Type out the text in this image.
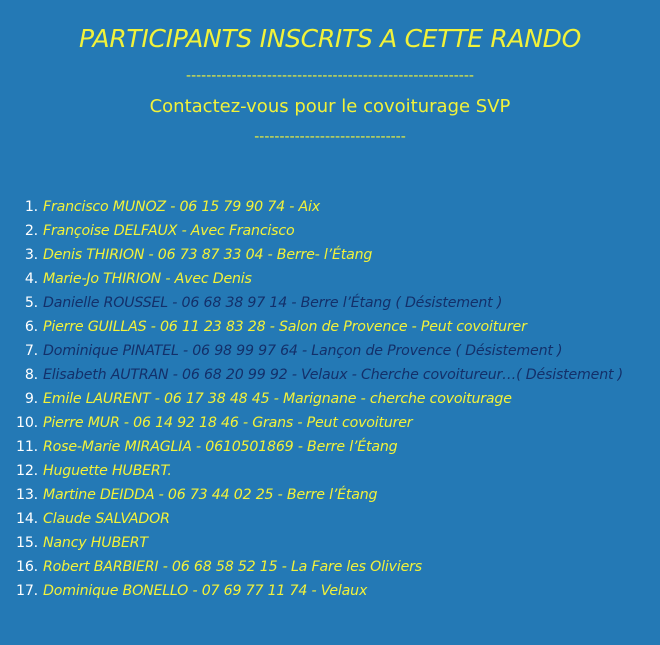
PARTICIPANTS INSCRITS A CETTE RANDO
---------------------------------------------------------
Contactez-vous pour le covoiturage SVP
------------------------------
1. Francisco MUNOZ - 06 15 79 90 74 - Aix
2. Françoise DELFAUX - Avec Francisco
3. Denis THIRION - 06 73 87 33 04 - Berre- l’Étang
4. Marie-Jo THIRION - Avec Denis
5. Danielle ROUSSEL - 06 68 38 97 14 - Berre l’Étang ( Désistement )
6. Pierre GUILLAS - 06 11 23 83 28 - Salon de Provence - Peut covoiturer
7. Dominique PINATEL - 06 98 99 97 64 - Lançon de Provence ( Désistement )
8. Elisabeth AUTRAN - 06 68 20 99 92 - Velaux - Cherche covoitureur…( Désistement )
9. Emile LAURENT - 06 17 38 48 45 - Marignane - cherche covoiturage
10. Pierre MUR - 06 14 92 18 46 - Grans - Peut covoiturer
11. Rose-Marie MIRAGLIA - 0610501869 - Berre l’Étang
12. Huguette HUBERT.
13. Martine DEIDDA - 06 73 44 02 25 - Berre l’Étang
14. Claude SALVADOR
15. Nancy HUBERT
16. Robert BARBIERI - 06 68 58 52 15 - La Fare les Oliviers
17. Dominique BONELLO - 07 69 77 11 74 - Velaux
